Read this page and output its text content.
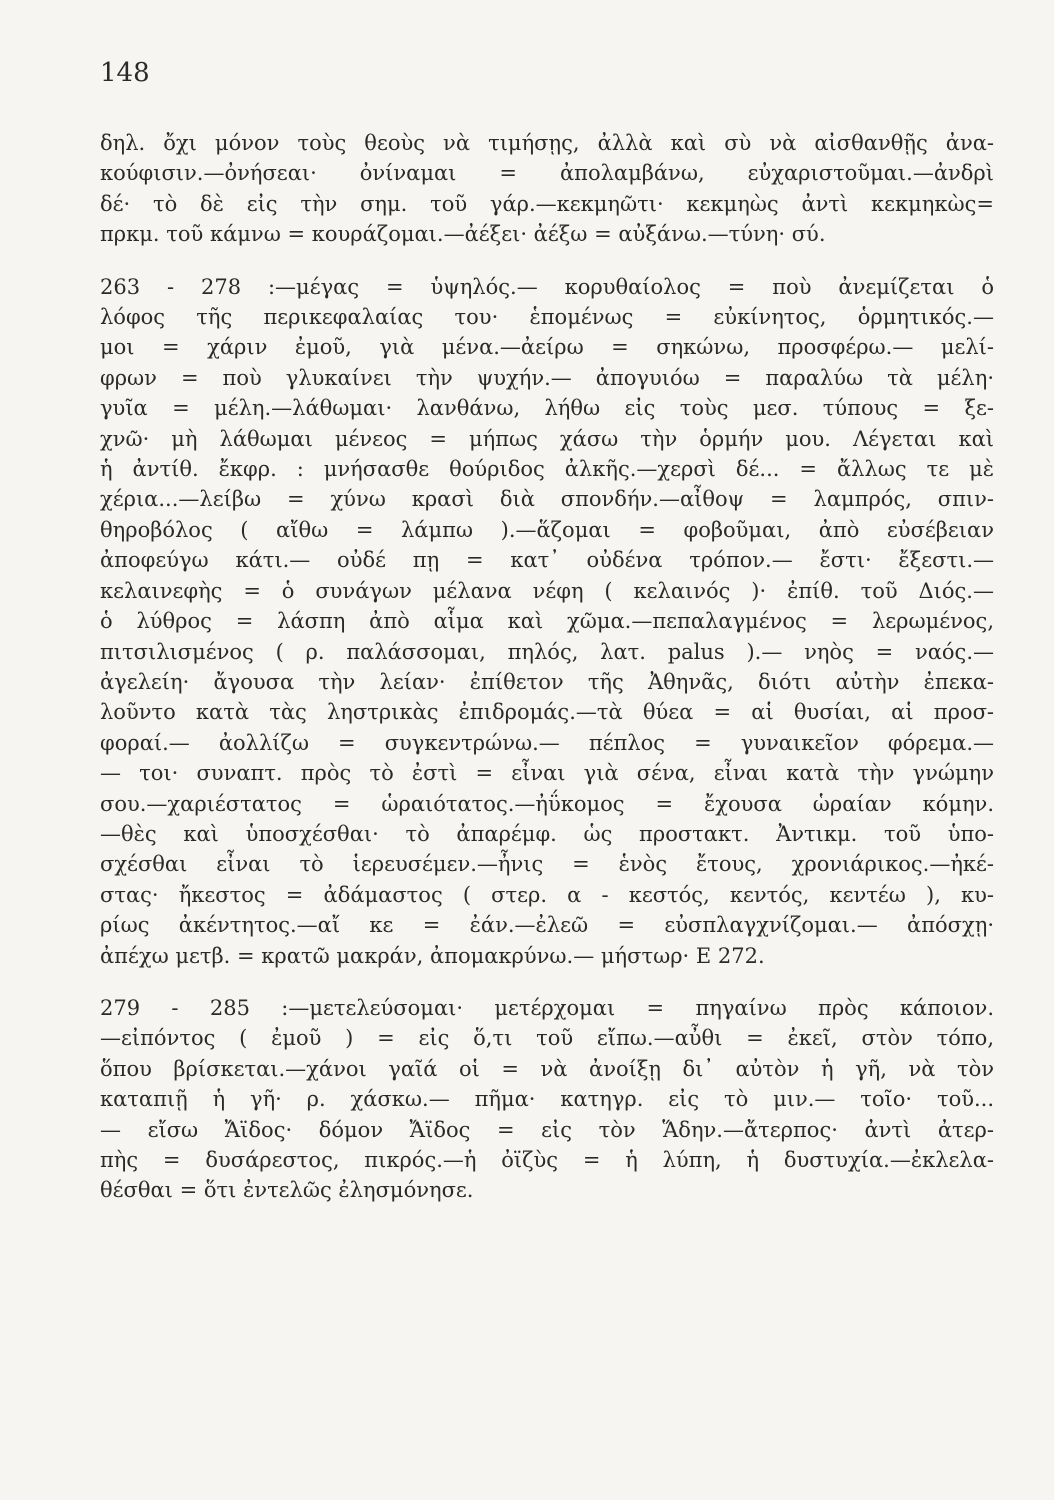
148
δηλ. ὄχι μόνον τοὺς θεοὺς νὰ τιμήσῃς, ἀλλὰ καὶ σὺ νὰ αἰσθανθῇς ἀνα-
κούφισιν.—ὀνήσεαι· ὀνίναμαι = ἀπολαμβάνω, εὐχαριστοῦμαι.—ἀνδρὶ
δέ· τὸ δὲ εἰς τὴν σημ. τοῦ γάρ.—κεκμηῶτι· κεκμηὼς ἀντὶ κεκμηκὼς=
πρκμ. τοῦ κάμνω = κουράζομαι.—ἀέξει· ἀέξω = αὐξάνω.—τύνη· σύ.
263 - 278 :—μέγας = ὑψηλός.— κορυθαίολος = ποὺ ἀνεμίζεται ὁ
λόφος τῆς περικεφαλαίας του· ἑπομένως = εὐκίνητος, ὁρμητικός.—
μοι = χάριν ἐμοῦ, γιὰ μένα.—ἀείρω = σηκώνω, προσφέρω.— μελί-
φρων = ποὺ γλυκαίνει τὴν ψυχήν.— ἀπογυιόω = παραλύω τὰ μέλη·
γυῖα = μέλη.—λάθωμαι· λανθάνω, λήθω εἰς τοὺς μεσ. τύπους = ξε-
χνῶ· μὴ λάθωμαι μένεος = μήπως χάσω τὴν ὁρμήν μου. Λέγεται καὶ
ἡ ἀντίθ. ἔκφρ. : μνήσασθε θούριδος ἀλκῆς.—χερσὶ δέ... = ἄλλως τε μὲ
χέρια...—λείβω = χύνω κρασὶ διὰ σπονδήν.—αἶθοψ = λαμπρός, σπιν-
θηροβόλος ( αἴθω = λάμπω ).—ἅζομαι = φοβοῦμαι, ἀπὸ εὐσέβειαν
ἀποφεύγω κάτι.— οὐδέ πῃ = κατ᾽ οὐδένα τρόπον.— ἔστι· ἔξεστι.—
κελαινεφὴς = ὁ συνάγων μέλανα νέφη ( κελαινός )· ἐπίθ. τοῦ Διός.—
ὁ λύθρος = λάσπη ἀπὸ αἷμα καὶ χῶμα.—πεπαλαγμένος = λερωμένος,
πιτσιλισμένος ( ρ. παλάσσομαι, πηλός, λατ. palus ).— νηὸς = ναός.—
ἀγελείη· ἄγουσα τὴν λείαν· ἐπίθετον τῆς Ἀθηνᾶς, διότι αὐτὴν ἐπεκα-
λοῦντο κατὰ τὰς ληστρικὰς ἐπιδρομάς.—τὰ θύεα = αἱ θυσίαι, αἱ προσ-
φοραί.— ἀολλίζω = συγκεντρώνω.— πέπλος = γυναικεῖον φόρεμα.—
— τοι· συναπτ. πρὸς τὸ ἐστὶ = εἶναι γιὰ σένα, εἶναι κατὰ τὴν γνώμην
σου.—χαριέστατος = ὡραιότατος.—ἠΰκομος = ἔχουσα ὡραίαν κόμην.
—θὲς καὶ ὑποσχέσθαι· τὸ ἀπαρέμφ. ὡς προστακτ. Ἀντικμ. τοῦ ὑπο-
σχέσθαι εἶναι τὸ ἱερευσέμεν.—ἦνις = ἑνὸς ἔτους, χρονιάρικος.—ἠκέ-
στας· ἤκεστος = ἀδάμαστος ( στερ. α - κεστός, κεντός, κεντέω ), κυ-
ρίως ἀκέντητος.—αἴ κε = ἐάν.—ἐλεῶ = εὐσπλαγχνίζομαι.— ἀπόσχῃ·
ἀπέχω μετβ. = κρατῶ μακράν, ἀπομακρύνω.— μήστωρ· Ε 272.
279 - 285 :—μετελεύσομαι· μετέρχομαι = πηγαίνω πρὸς κάποιον.
—εἰπόντος ( ἐμοῦ ) = εἰς ὅ,τι τοῦ εἴπω.—αὖθι = ἐκεῖ, στὸν τόπο,
ὅπου βρίσκεται.—χάνοι γαῖά οἱ = νὰ ἀνοίξῃ δι᾽ αὐτὸν ἡ γῆ, νὰ τὸν
καταπιῇ ἡ γῆ· ρ. χάσκω.— πῆμα· κατηγρ. εἰς τὸ μιν.— τοῖο· τοῦ...
— εἴσω Ἄϊδος· δόμον Ἄϊδος = εἰς τὸν Ἅδην.—ἄτερπος· ἀντὶ ἀτερ-
πὴς = δυσάρεστος, πικρός.—ἡ ὀϊζὺς = ἡ λύπη, ἡ δυστυχία.—ἐκλελα-
θέσθαι = ὅτι ἐντελῶς ἐλησμόνησε.
